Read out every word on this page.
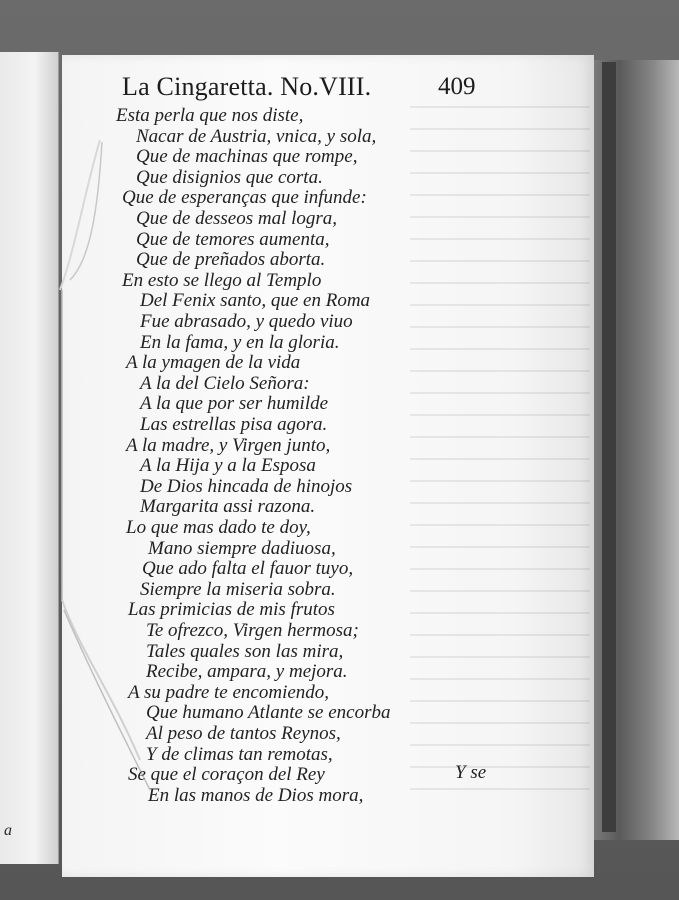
a
La Cingaretta. No.VIII.	409
Esta perla que nos diste,
Nacar de Austria, vnica, y sola,
Que de machinas que rompe,
Que disignios que corta.
Que de esperanças que infunde:
Que de desseos mal logra,
Que de temores aumenta,
Que de preñados aborta.
En esto se llego al Templo
Del Fenix santo, que en Roma
Fue abrasado, y quedo viuo
En la fama, y en la gloria.
A la ymagen de la vida
A la del Cielo Señora:
A la que por ser humilde
Las estrellas pisa agora.
A la madre, y Virgen junto,
A la Hija y a la Esposa
De Dios hincada de hinojos
Margarita assi razona.
Lo que mas dado te doy,
Mano siempre dadiuosa,
Que ado falta el fauor tuyo,
Siempre la miseria sobra.
Las primicias de mis frutos
Te ofrezco, Virgen hermosa;
Tales quales son las mira,
Recibe, ampara, y mejora.
A su padre te encomiendo,
Que humano Atlante se encorba
Al peso de tantos Reynos,
Y de climas tan remotas,
Se que el coraçon del Rey
En las manos de Dios mora,
Y se
